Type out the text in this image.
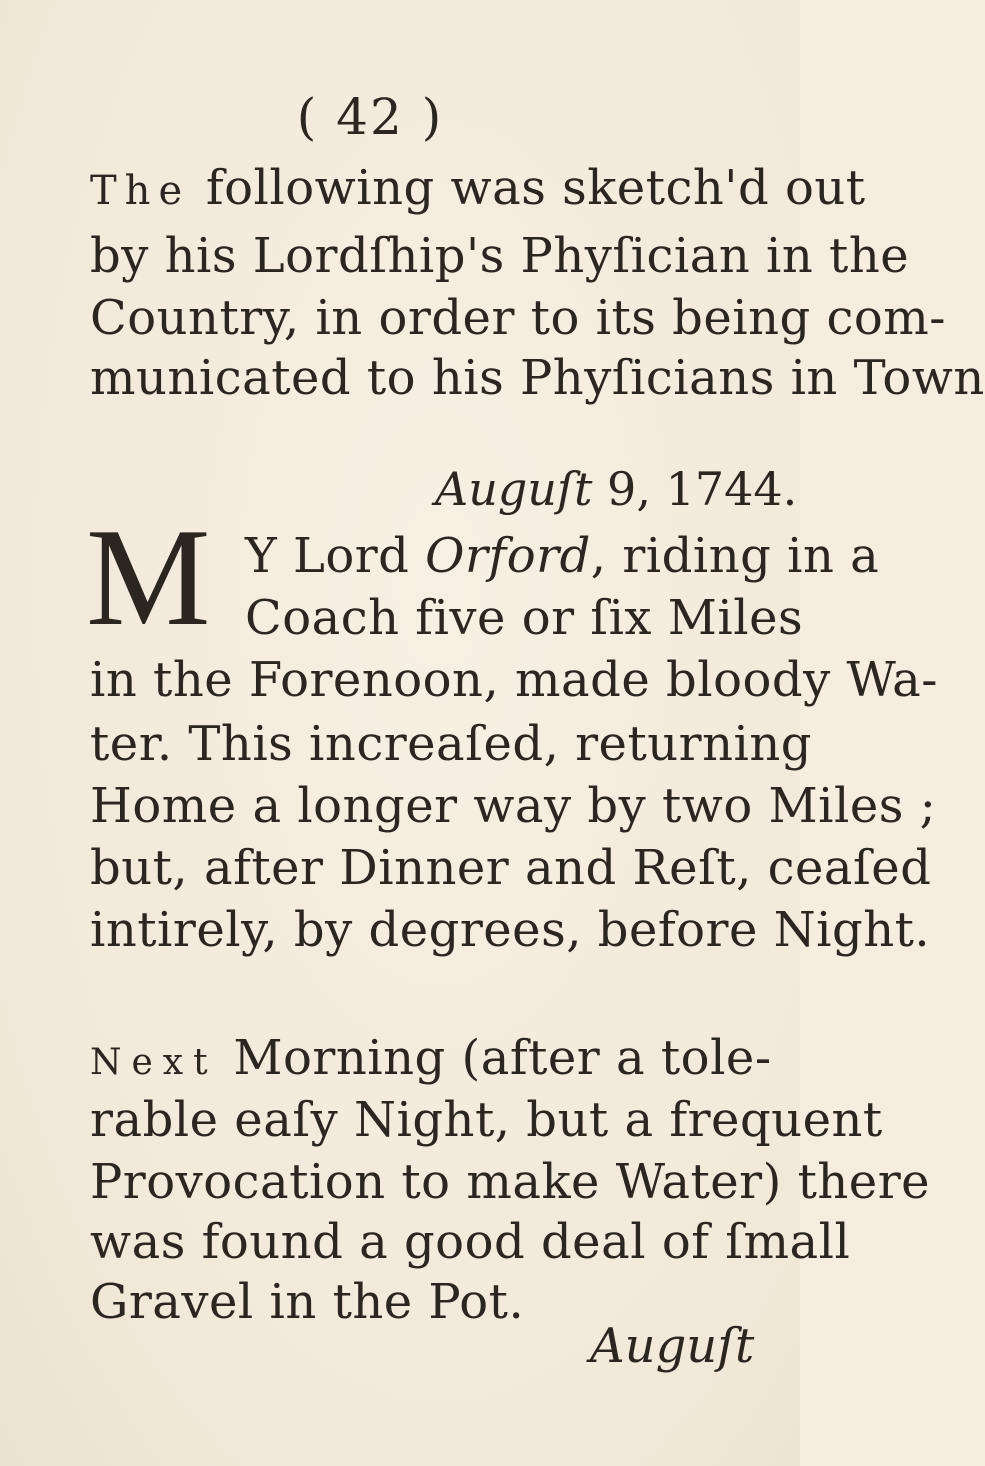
( 42 )
The following was sketch'd out
by his Lordſhip's Phyſician in the
Country, in order to its being com-
municated to his Phyſicians in Town
Auguſt 9, 1744.
M Y Lord Orford, riding in a
Coach five or ſix Miles
in the Forenoon, made bloody Wa-
ter. This increaſed, returning
Home a longer way by two Miles ;
but, after Dinner and Reſt, ceaſed
intirely, by degrees, before Night.
Next Morning (after a tole-
rable eaſy Night, but a frequent
Provocation to make Water) there
was found a good deal of ſmall
Gravel in the Pot.
Auguſt
